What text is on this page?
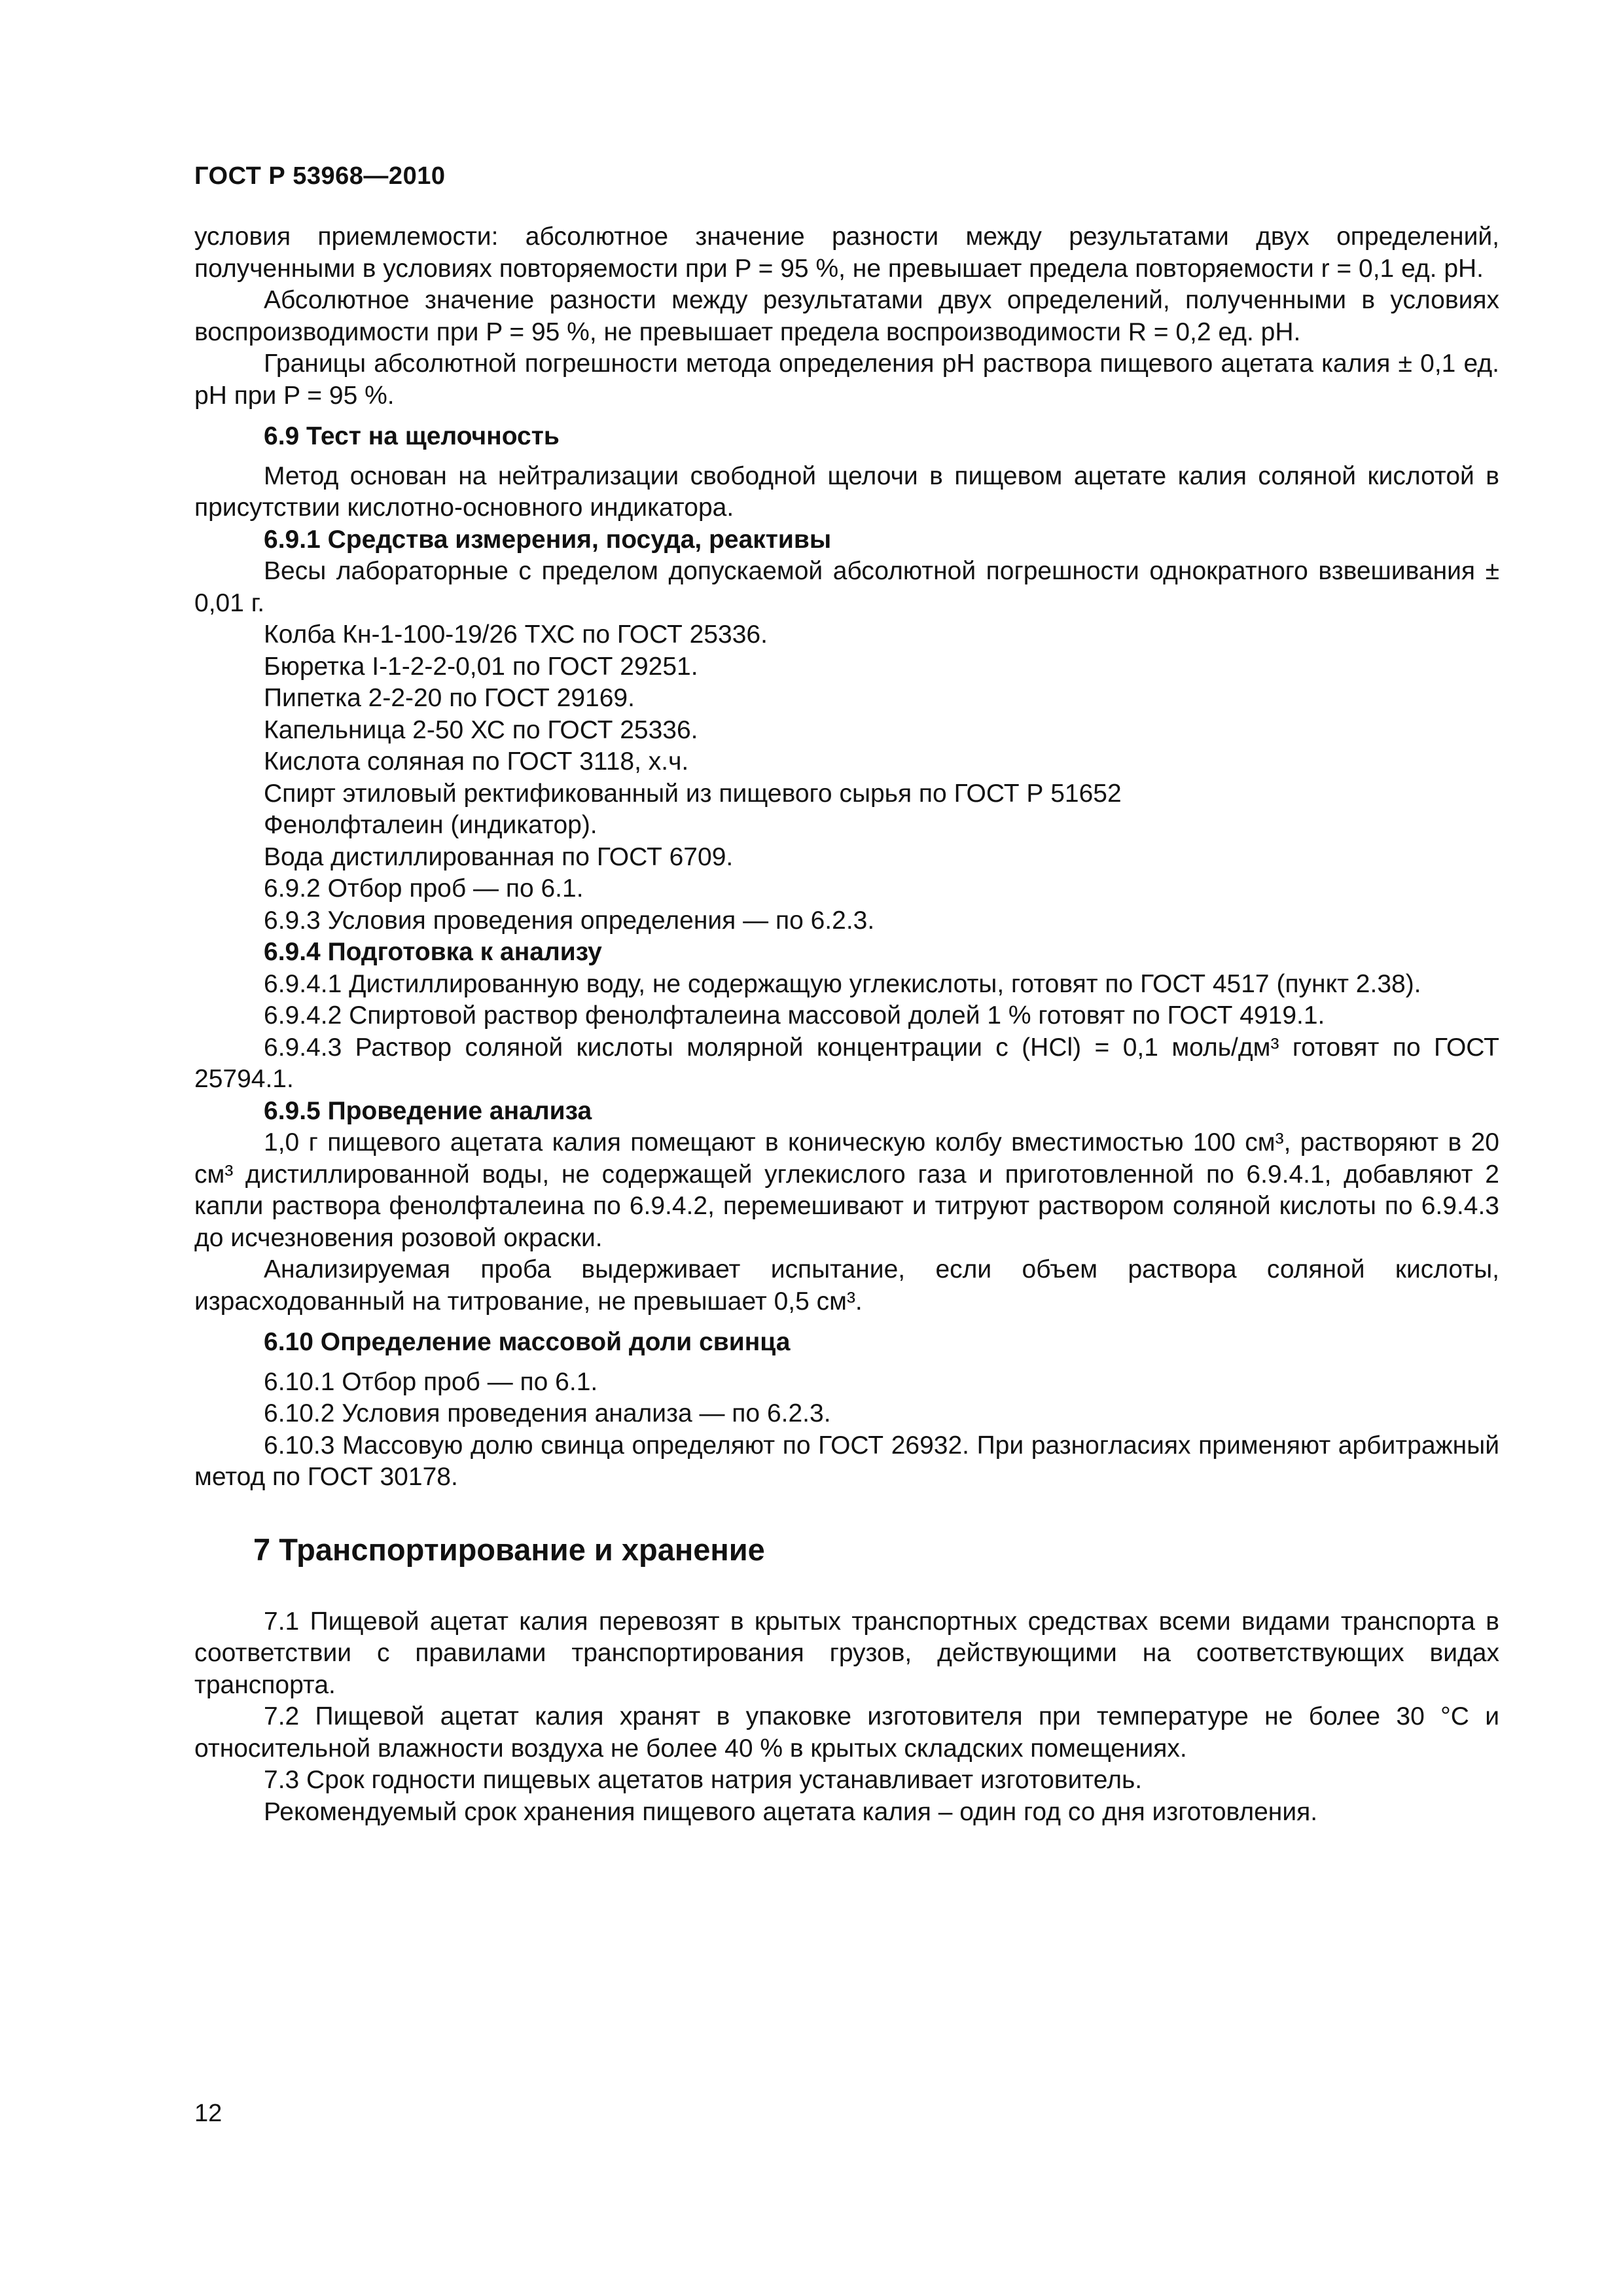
ГОСТ Р 53968—2010

условия приемлемости: абсолютное значение разности между результатами двух определений, полученными в условиях повторяемости при P = 95 %, не превышает предела повторяемости r = 0,1 ед. pH.

Абсолютное значение разности между результатами двух определений, полученными в условиях воспроизводимости при P = 95 %, не превышает предела воспроизводимости R = 0,2 ед. pH.

Границы абсолютной погрешности метода определения pH раствора пищевого ацетата калия ± 0,1 ед. pH при P = 95 %.

6.9 Тест на щелочность

Метод основан на нейтрализации свободной щелочи в пищевом ацетате калия соляной кислотой в присутствии кислотно-основного индикатора.

6.9.1 Средства измерения, посуда, реактивы

Весы лабораторные с пределом допускаемой абсолютной погрешности однократного взвешивания ± 0,01 г.

Колба Кн-1-100-19/26 ТХС по ГОСТ 25336.

Бюретка I-1-2-2-0,01 по ГОСТ 29251.

Пипетка 2-2-20 по ГОСТ 29169.

Капельница 2-50 ХС по ГОСТ 25336.

Кислота соляная по ГОСТ 3118, х.ч.

Спирт этиловый ректификованный из пищевого сырья по ГОСТ Р 51652

Фенолфталеин (индикатор).

Вода дистиллированная по ГОСТ 6709.

6.9.2 Отбор проб — по 6.1.

6.9.3 Условия проведения определения — по 6.2.3.

6.9.4 Подготовка к анализу

6.9.4.1 Дистиллированную воду, не содержащую углекислоты, готовят по ГОСТ 4517 (пункт 2.38).

6.9.4.2 Спиртовой раствор фенолфталеина массовой долей 1 % готовят по ГОСТ 4919.1.

6.9.4.3 Раствор соляной кислоты молярной концентрации c (HCl) = 0,1 моль/дм³ готовят по ГОСТ 25794.1.

6.9.5 Проведение анализа

1,0 г пищевого ацетата калия помещают в коническую колбу вместимостью 100 см³, растворяют в 20 см³ дистиллированной воды, не содержащей углекислого газа и приготовленной по 6.9.4.1, добавляют 2 капли раствора фенолфталеина по 6.9.4.2, перемешивают и титруют раствором соляной кислоты по 6.9.4.3 до исчезновения розовой окраски.

Анализируемая проба выдерживает испытание, если объем раствора соляной кислоты, израсходованный на титрование, не превышает 0,5 см³.

6.10 Определение массовой доли свинца

6.10.1 Отбор проб — по 6.1.

6.10.2 Условия проведения анализа — по 6.2.3.

6.10.3 Массовую долю свинца определяют по ГОСТ 26932. При разногласиях применяют арбитражный метод по ГОСТ 30178.

7 Транспортирование и хранение

7.1 Пищевой ацетат калия перевозят в крытых транспортных средствах всеми видами транспорта в соответствии с правилами транспортирования грузов, действующими на соответствующих видах транспорта.

7.2 Пищевой ацетат калия хранят в упаковке изготовителя при температуре не более 30 °С и относительной влажности воздуха не более 40 % в крытых складских помещениях.

7.3 Срок годности пищевых ацетатов натрия устанавливает изготовитель.

Рекомендуемый срок хранения пищевого ацетата калия – один год со дня изготовления.

12
